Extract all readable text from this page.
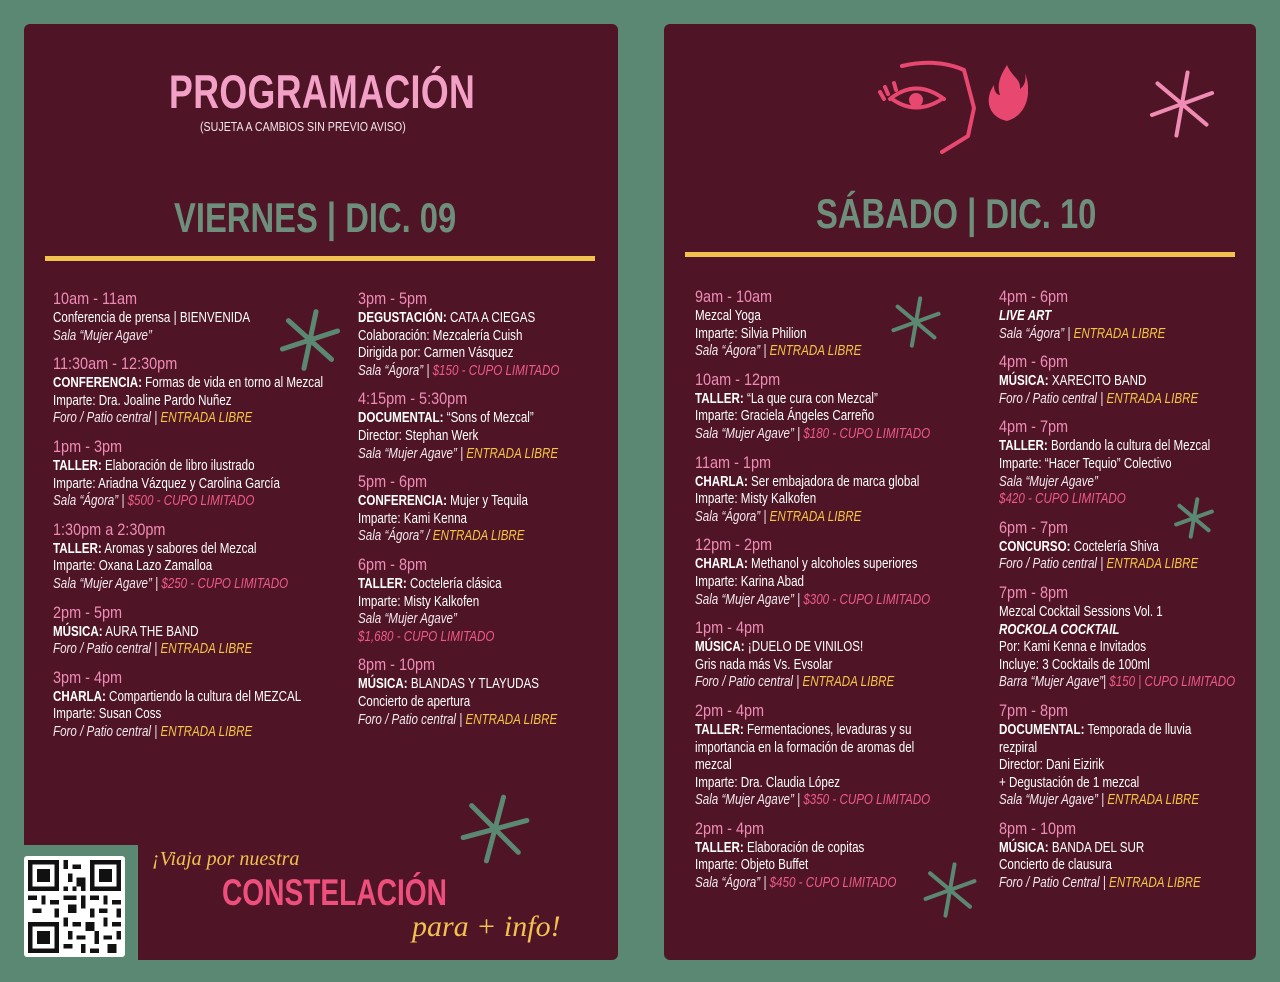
PROGRAMACIÓN
(SUJETA A CAMBIOS SIN PREVIO AVISO)
VIERNES | DIC. 09
10am - 11am
Conferencia de prensa | BIENVENIDA
Sala “Mujer Agave”
11:30am - 12:30pm
CONFERENCIA: Formas de vida en torno al Mezcal
Imparte: Dra. Joaline Pardo Nuñez
Foro / Patio central | ENTRADA LIBRE
1pm - 3pm
TALLER: Elaboración de libro ilustrado
Imparte: Ariadna Vázquez y Carolina García
Sala “Ágora” | $500 - CUPO LIMITADO
1:30pm a 2:30pm
TALLER: Aromas y sabores del Mezcal
Imparte: Oxana Lazo Zamalloa
Sala “Mujer Agave” | $250 - CUPO LIMITADO
2pm - 5pm
MÚSICA: AURA THE BAND
Foro / Patio central | ENTRADA LIBRE
3pm - 4pm
CHARLA: Compartiendo la cultura del MEZCAL
Imparte: Susan Coss
Foro / Patio central | ENTRADA LIBRE
3pm - 5pm
DEGUSTACIÓN: CATA A CIEGAS
Colaboración: Mezcalería Cuish
Dirigida por: Carmen Vásquez
Sala “Ágora” | $150 - CUPO LIMITADO
4:15pm - 5:30pm
DOCUMENTAL: “Sons of Mezcal”
Director: Stephan Werk
Sala “Mujer Agave” | ENTRADA LIBRE
5pm - 6pm
CONFERENCIA: Mujer y Tequila
Imparte: Kami Kenna
Sala “Ágora” / ENTRADA LIBRE
6pm - 8pm
TALLER: Coctelería clásica
Imparte: Misty Kalkofen
Sala “Mujer Agave”
$1,680 - CUPO LIMITADO
8pm - 10pm
MÚSICA: BLANDAS Y TLAYUDAS
Concierto de apertura
Foro / Patio central | ENTRADA LIBRE
¡Viaja por nuestra
CONSTELACIÓN
para + info!
SÁBADO | DIC. 10
9am - 10am
Mezcal Yoga
Imparte: Silvia Philion
Sala “Ágora” | ENTRADA LIBRE
10am - 12pm
TALLER: “La que cura con Mezcal”
Imparte: Graciela Ángeles Carreño
Sala “Mujer Agave” | $180 - CUPO LIMITADO
11am - 1pm
CHARLA: Ser embajadora de marca global
Imparte: Misty Kalkofen
Sala “Ágora” | ENTRADA LIBRE
12pm - 2pm
CHARLA: Methanol y alcoholes superiores
Imparte: Karina Abad
Sala “Mujer Agave” | $300 - CUPO LIMITADO
1pm - 4pm
MÚSICA: ¡DUELO DE VINILOS!
Gris nada más Vs. Evsolar
Foro / Patio central | ENTRADA LIBRE
2pm - 4pm
TALLER: Fermentaciones, levaduras y su
importancia en la formación de aromas del
mezcal
Imparte: Dra. Claudia López
Sala “Mujer Agave” | $350 - CUPO LIMITADO
2pm - 4pm
TALLER: Elaboración de copitas
Imparte: Objeto Buffet
Sala “Ágora” | $450 - CUPO LIMITADO
4pm - 6pm
LIVE ART
Sala “Ágora” | ENTRADA LIBRE
4pm - 6pm
MÚSICA: XARECITO BAND
Foro / Patio central | ENTRADA LIBRE
4pm - 7pm
TALLER: Bordando la cultura del Mezcal
Imparte: “Hacer Tequio” Colectivo
Sala “Mujer Agave”
$420 - CUPO LIMITADO
6pm - 7pm
CONCURSO: Coctelería Shiva
Foro / Patio central | ENTRADA LIBRE
7pm - 8pm
Mezcal Cocktail Sessions Vol. 1
ROCKOLA COCKTAIL
Por: Kami Kenna e Invitados
Incluye: 3 Cocktails de 100ml
Barra “Mujer Agave”| $150 | CUPO LIMITADO
7pm - 8pm
DOCUMENTAL: Temporada de lluvia
rezpiral
Director: Dani Eizirik
+ Degustación de 1 mezcal
Sala “Mujer Agave” | ENTRADA LIBRE
8pm - 10pm
MÚSICA: BANDA DEL SUR
Concierto de clausura
Foro / Patio Central | ENTRADA LIBRE
